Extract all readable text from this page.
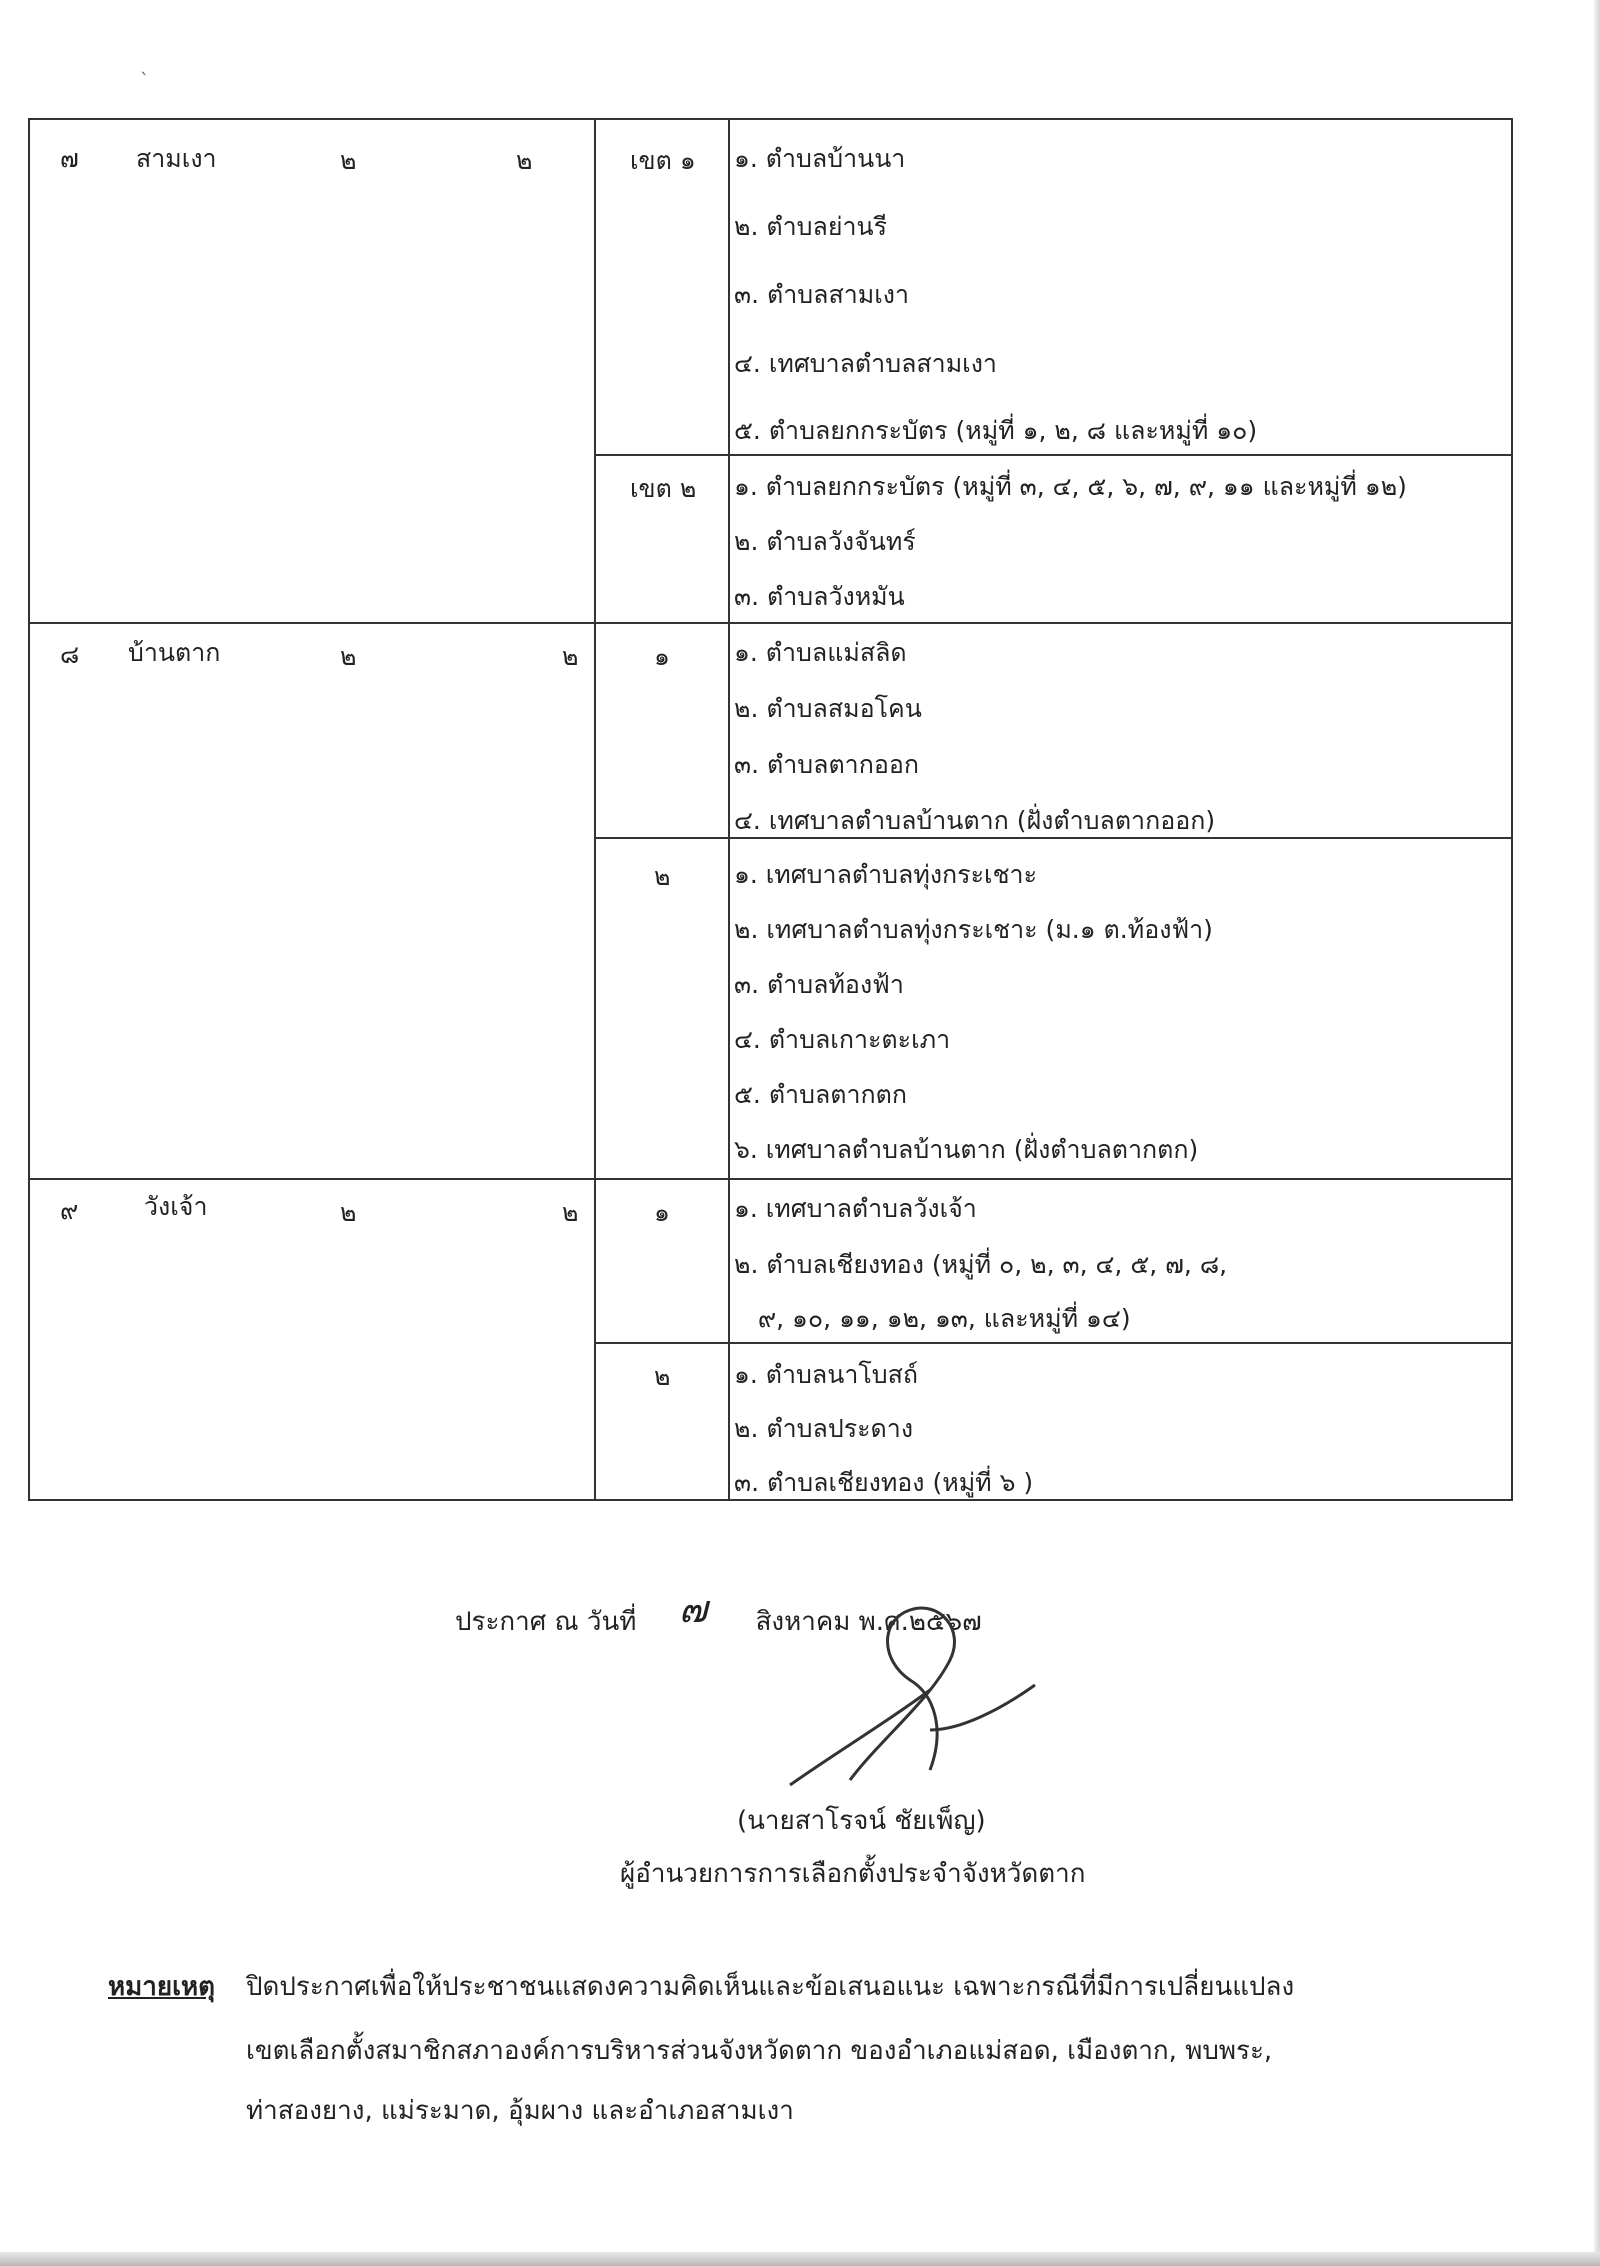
ˋ
๗ สามเงา	๒	๒	เขต ๑ ๑. ตำบลบ้านนา
๒. ตำบลย่านรี
๓. ตำบลสามเงา
๔. เทศบาลตำบลสามเงา
๕. ตำบลยกกระบัตร (หมู่ที่ ๑, ๒, ๘ และหมู่ที่ ๑๐)
เขต ๒ ๑. ตำบลยกกระบัตร (หมู่ที่ ๓, ๔, ๕, ๖, ๗, ๙, ๑๑ และหมู่ที่ ๑๒)
๒. ตำบลวังจันทร์
๓. ตำบลวังหมัน
๘ บ้านตาก	๒	๒	๑	๑. ตำบลแม่สลิด
๒. ตำบลสมอโคน
๓. ตำบลตากออก
๔. เทศบาลตำบลบ้านตาก (ฝั่งตำบลตากออก)
๒	๑. เทศบาลตำบลทุ่งกระเชาะ
๒. เทศบาลตำบลทุ่งกระเชาะ (ม.๑ ต.ท้องฟ้า)
๓. ตำบลท้องฟ้า
๔. ตำบลเกาะตะเภา
๕. ตำบลตากตก
๖. เทศบาลตำบลบ้านตาก (ฝั่งตำบลตากตก)
๙	วังเจ้า	๒	๒	๑	๑. เทศบาลตำบลวังเจ้า
๒. ตำบลเชียงทอง (หมู่ที่ ๐, ๒, ๓, ๔, ๕, ๗, ๘,
๙, ๑๐, ๑๑, ๑๒, ๑๓, และหมู่ที่ ๑๔)
๒	๑. ตำบลนาโบสถ์
๒. ตำบลประดาง
๓. ตำบลเชียงทอง (หมู่ที่ ๖ )
ประกาศ ณ วันที่ ๗ สิงหาคม พ.ศ.๒๕๖๗
(นายสาโรจน์ ชัยเพ็ญ)
ผู้อำนวยการการเลือกตั้งประจำจังหวัดตาก
หมายเหตุ ปิดประกาศเพื่อให้ประชาชนแสดงความคิดเห็นและข้อเสนอแนะ เฉพาะกรณีที่มีการเปลี่ยนแปลง
เขตเลือกตั้งสมาชิกสภาองค์การบริหารส่วนจังหวัดตาก ของอำเภอแม่สอด, เมืองตาก, พบพระ,
ท่าสองยาง, แม่ระมาด, อุ้มผาง และอำเภอสามเงา
